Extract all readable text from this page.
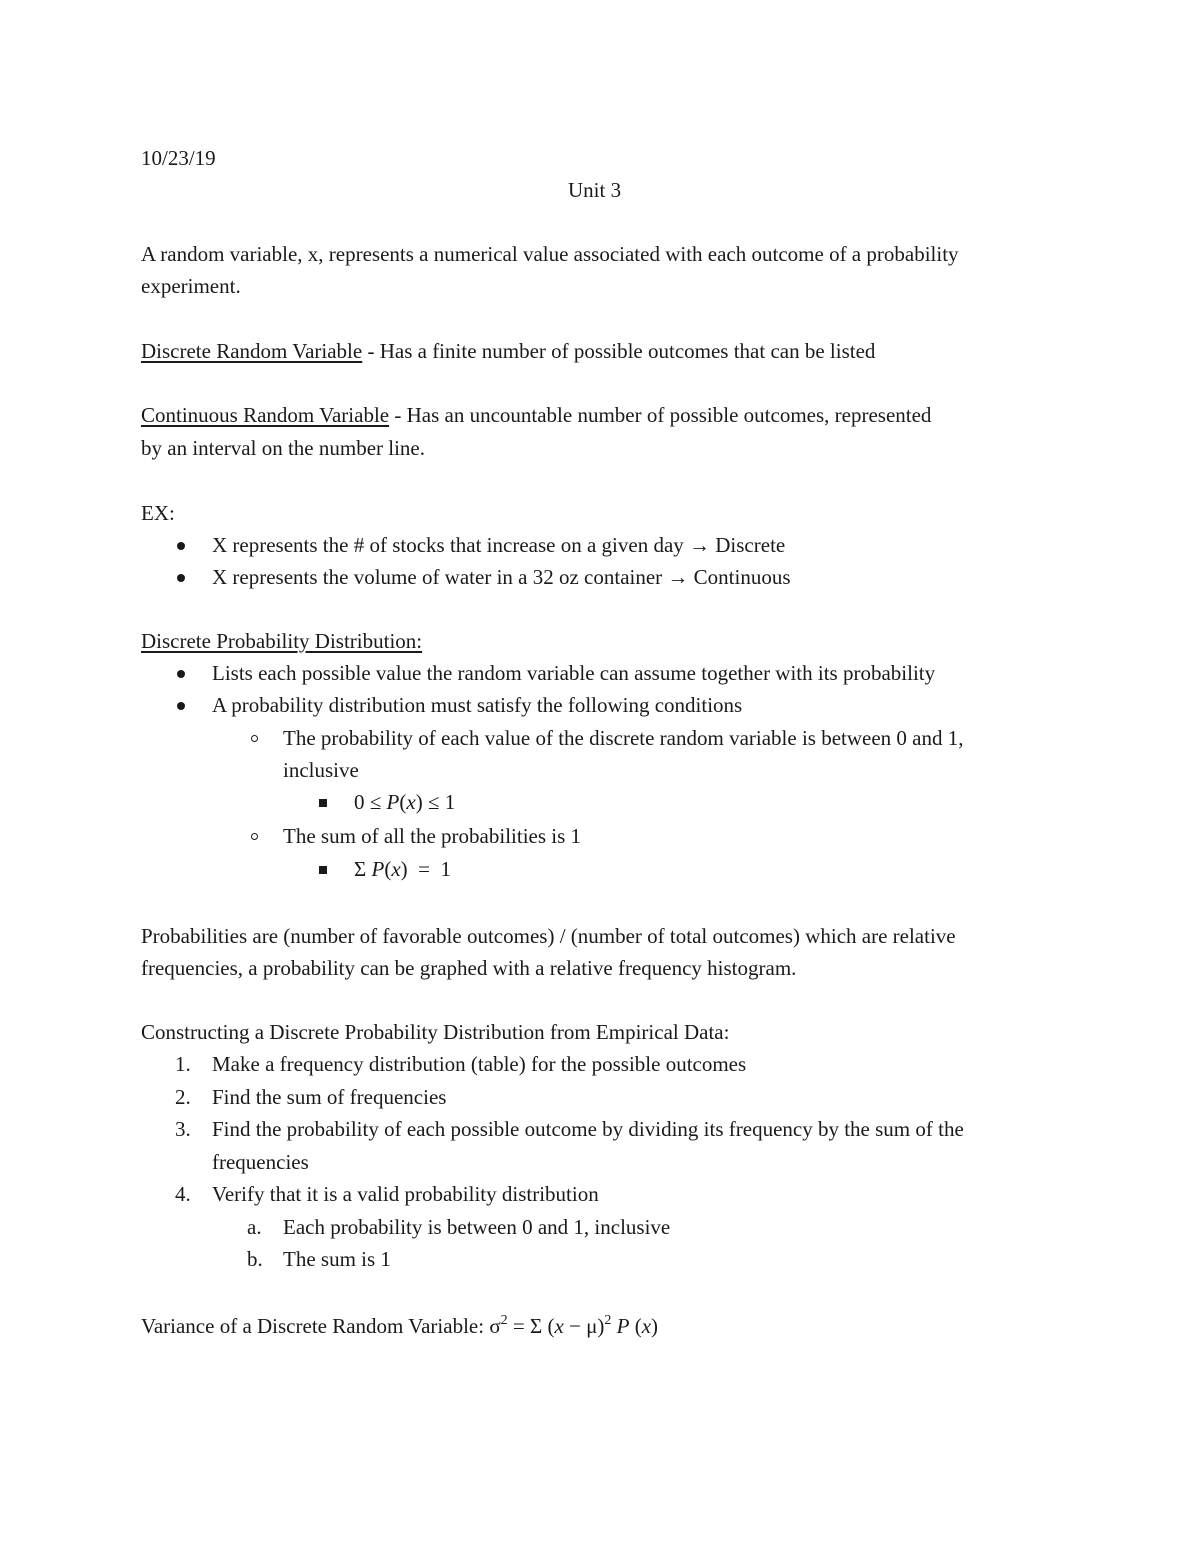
10/23/19
Unit 3
A random variable, x, represents a numerical value associated with each outcome of a probability
experiment.
Discrete Random Variable - Has a finite number of possible outcomes that can be listed
Continuous Random Variable - Has an uncountable number of possible outcomes, represented
by an interval on the number line.
EX:
X represents the # of stocks that increase on a given day → Discrete
X represents the volume of water in a 32 oz container → Continuous
Discrete Probability Distribution:
Lists each possible value the random variable can assume together with its probability
A probability distribution must satisfy the following conditions
The probability of each value of the discrete random variable is between 0 and 1,
inclusive
0 ≤ P(x) ≤ 1
The sum of all the probabilities is 1
Σ P(x)  =  1
Probabilities are (number of favorable outcomes) / (number of total outcomes) which are relative
frequencies, a probability can be graphed with a relative frequency histogram.
Constructing a Discrete Probability Distribution from Empirical Data:
1. Make a frequency distribution (table) for the possible outcomes
2. Find the sum of frequencies
3. Find the probability of each possible outcome by dividing its frequency by the sum of the
frequencies
4. Verify that it is a valid probability distribution
a. Each probability is between 0 and 1, inclusive
b. The sum is 1
Variance of a Discrete Random Variable: $\sigma^2 = \Sigma$ $(x - \mu)^2$ P (x)
